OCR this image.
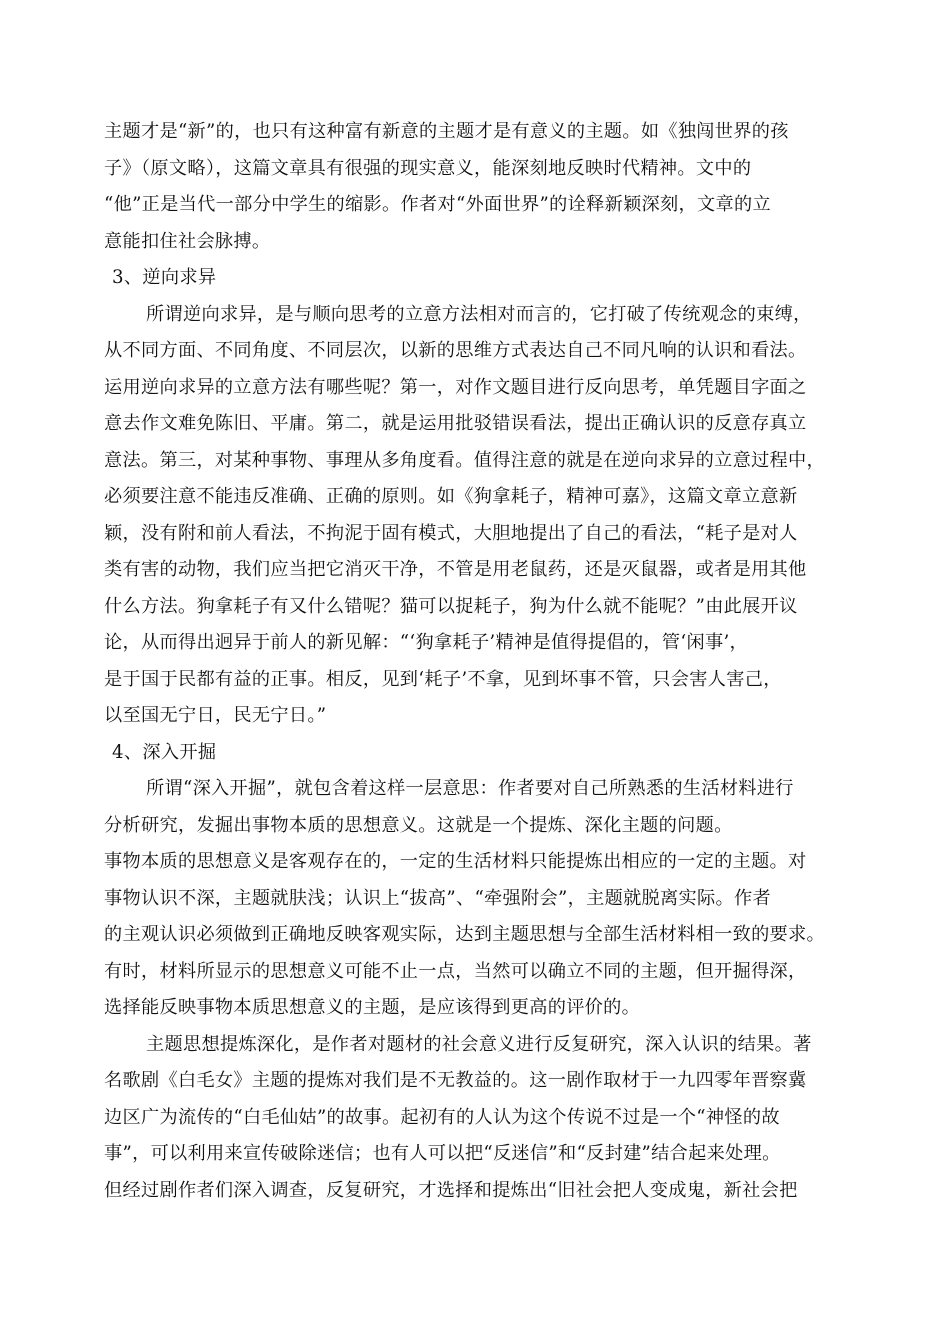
主题才是“新”的，也只有这种富有新意的主题才是有意义的主题。如《独闯世界的孩
子》（原文略），这篇文章具有很强的现实意义，能深刻地反映时代精神。文中的
“他”正是当代一部分中学生的缩影。作者对“外面世界”的诠释新颖深刻，文章的立
意能扣住社会脉搏。
3、逆向求异
所谓逆向求异，是与顺向思考的立意方法相对而言的，它打破了传统观念的束缚，
从不同方面、不同角度、不同层次，以新的思维方式表达自己不同凡响的认识和看法。
运用逆向求异的立意方法有哪些呢？第一，对作文题目进行反向思考，单凭题目字面之
意去作文难免陈旧、平庸。第二，就是运用批驳错误看法，提出正确认识的反意存真立
意法。第三，对某种事物、事理从多角度看。值得注意的就是在逆向求异的立意过程中，
必须要注意不能违反准确、正确的原则。如《狗拿耗子，精神可嘉》，这篇文章立意新
颖，没有附和前人看法，不拘泥于固有模式，大胆地提出了自己的看法，“耗子是对人
类有害的动物，我们应当把它消灭干净，不管是用老鼠药，还是灭鼠器，或者是用其他
什么方法。狗拿耗子有又什么错呢？猫可以捉耗子，狗为什么就不能呢？”由此展开议
论，从而得出迥异于前人的新见解：“‘狗拿耗子’精神是值得提倡的，管‘闲事’，
是于国于民都有益的正事。相反，见到‘耗子’不拿，见到坏事不管，只会害人害己，
以至国无宁日，民无宁日。”
4、深入开掘
所谓“深入开掘”，就包含着这样一层意思：作者要对自己所熟悉的生活材料进行
分析研究，发掘出事物本质的思想意义。这就是一个提炼、深化主题的问题。
事物本质的思想意义是客观存在的，一定的生活材料只能提炼出相应的一定的主题。对
事物认识不深，主题就肤浅；认识上“拔高”、“牵强附会”，主题就脱离实际。作者
的主观认识必须做到正确地反映客观实际，达到主题思想与全部生活材料相一致的要求。
有时，材料所显示的思想意义可能不止一点，当然可以确立不同的主题，但开掘得深，
选择能反映事物本质思想意义的主题，是应该得到更高的评价的。
主题思想提炼深化，是作者对题材的社会意义进行反复研究，深入认识的结果。著
名歌剧《白毛女》主题的提炼对我们是不无教益的。这一剧作取材于一九四零年晋察冀
边区广为流传的“白毛仙姑”的故事。起初有的人认为这个传说不过是一个“神怪的故
事”，可以利用来宣传破除迷信；也有人可以把“反迷信”和“反封建”结合起来处理。
但经过剧作者们深入调查，反复研究，才选择和提炼出“旧社会把人变成鬼，新社会把
